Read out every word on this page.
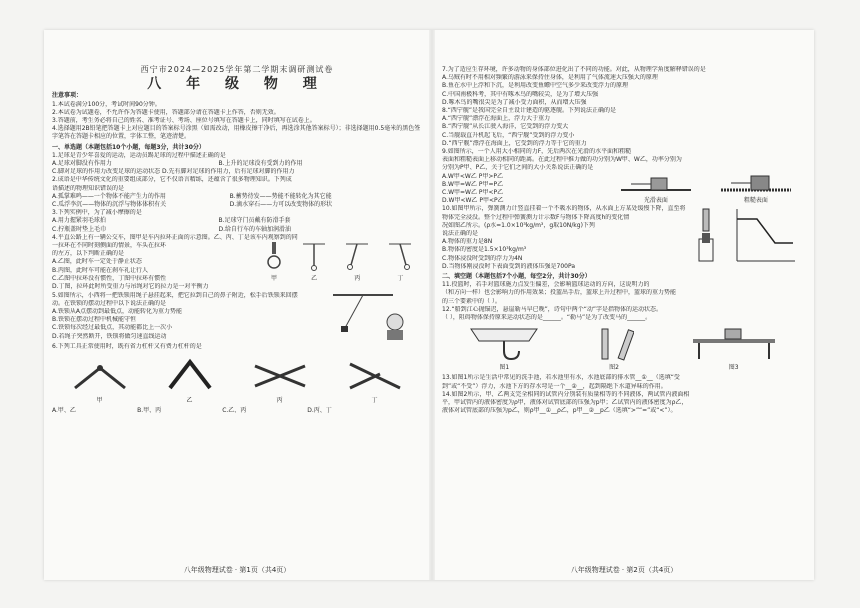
西宁市2024—2025学年第二学期末调研测试卷
八 年 级 物 理
注意事项：
1.本试卷满分100分，考试时间90分钟。
2.本试卷为试题卷，不允许作为答题卡使用，答题部分请在答题卡上作答，否则无效。
3.答题前，考生务必将自己的姓名、准考证号、考场、座位号填写在答题卡上，同时填写在试卷上。
4.选择题用2B铅笔把答题卡上对应题目的答案标号涂黑（如需改动，用橡皮擦干净后，再选涂其他答案标号）；非选择题用0.5毫米的黑色签字笔答在答题卡相应的位置，字体工整，笔迹清楚。
一、单选题（本题包括10个小题，每题3分，共计30分）
1.足球是青少年喜爱的运动，运动员踢足球的过程中描述正确的是
A.足球对脚没有作用力	B.上升的足球没有受到力的作用
C.脚对足球的作用力改变足球的运动状态 D.先有脚对足球的作用力，后有足球对脚的作用力
2.成语是中华传统文化的重要组成部分，它不仅语言精练，还蕴含了很多物理知识。下列成
语描述的物理知识错误的是
A.孤掌难鸣——一个物体不能产生力的作用	B.蓄势待发——势能不能转化为其它能
C.瓜浮李沉——物体的沉浮与物体体积有关	D.滴水穿石——力可以改变物体的形状
3.下列实例中，为了减小摩擦的是
A.用力握紧羽毛球拍	B.足球守门员戴有防滑手套
C.拧瓶盖时垫上毛巾	D.给自行车的车轴加润滑油
4.平直公路上有一辆公交车，图甲是车内拉环正面的示意图。乙、丙、丁是该车内观察到的同
一拉环在不同时刻侧面的情景，车头在拉环
的左方，以下判断正确的是
A.乙图，此时车一定处于静止状态
B.丙图，此时车可能在刹车礼让行人
C.乙图中拉环没有惯性，丁图中拉环有惯性	甲	乙	丙	丁
D.丁图，拉环此时所受重力与吊绳对它的拉力是一对平衡力
5.如图所示，小西将一把铁锁用绳子悬挂起来，把它拉到自己的鼻子附近，松手后铁锁来回摆
动。在铁锁的摆动过程中以下说法正确的是
A.铁锁从A点摆动到最低点，动能转化为重力势能
B.铁锁在摆动过程中机械能守恒
C.铁锁每次经过最低点，其动能都比上一次小
D.若绳子突然断开，铁锁将做匀速直线运动
6.下列工具正常使用时，既有省力杠杆又有费力杠杆的是
甲	乙	丙	丁
A.甲、乙	B.甲、丙	C.乙、丙	D.丙、丁
八年级物理试卷 · 第1页（共4页）
7.为了适应生存环境，许多动物的身体部位进化出了不同的功能。对此，从物理学角度解释错误的是
A.乌贼有时不用相对频繁的游泳来保持住身体，是利用了气体流速大压强大的原理
B.鱼在水中上浮和下沉，是利用改变鱼鳔中空气多少来改变浮力的原理
C.中国南极科考，其中有啄木鸟的嘴较尖，是为了增大压强
D.啄木鸟的嘴很尖是为了减小受力面积，从而增大压强
8.“西宁舰”是我国完全自主设计建造的驱逐舰。下列说法正确的是
A.“西宁舰”漂浮在海面上，浮力大于重力
B.“西宁舰”从长江驶入海洋，它受到的浮力变大
C.当舰载直升机起飞后，“西宁舰”受到的浮力变小
D.“西宁舰”漂浮在海面上，它受到的浮力等于它的重力
9.如图所示，一个人用大小相同的力F，先后两次在光滑的水平面和粗糙
表面和粗糙表面上移动相同的距离。在此过程中推力做的功分别为W甲、W乙，功率分别为
分别为P甲、P乙，关于它们之间的大小关系说法正确的是
A.W甲<W乙 P甲>P乙
B.W甲=W乙 P甲=P乙
C.W甲=W乙 P甲<P乙
D.W甲<W乙 P甲<P乙	光滑表面	粗糙表面
10.如图甲所示，弹簧测力计竖直挂着一个不吸水的物体，从水面上方某处缓慢下降，直至将
物体完全浸没。整个过程中弹簧测力计示数F与物体下降高度h的变化情
况如图乙所示。(ρ水=1.0×10³kg/m³，g取10N/kg)下列
说法正确的是
A.物体的重力是8N
B.物体的密度是1.5×10³kg/m³
C.物体浸没时受到的浮力为4N
D.当物体刚浸没时下表面受到的液体压强是700Pa
二、填空题（本题包括7个小题，每空2分，共计30分）
11.投篮时，若手对篮球施力点发生偏差，会影响篮球运动的方向，这说明力的
（和方向一样）也会影响力的作用效果；投篮出手后，篮球上升过程中，篮球的重力势能
的三个要素中的（ ）。
12.“船到江心抛锚迟，悬崖勒马早已晚”，诗句中两个“动”字是指物体的运动状态。
（ ），阻碍物体保持原来运动状态的是______。“勒马”是为了改变马的______。
图1	图2	图3
13.如图1所示是生活中常见的洗手池，若水池里有水，水池底部的排水管__①__（选填“受
到”或“不受”）浮力，水池下方的存水弯是一个__②__，起到隔绝下水道异味的作用。
14.如图2所示，甲、乙两支完全相同的试管内分别装有质量相等的不同液体，两试管内液面相
平，甲试管内的液体密度为ρ甲，液体对试管底部的压强为p甲；乙试管内的液体密度为ρ乙，
液体对试管底部的压强为p乙，则ρ甲__①__ρ乙，p甲__②__p乙（选填“>”“=”或“<”）。
八年级物理试卷 · 第2页（共4页）
